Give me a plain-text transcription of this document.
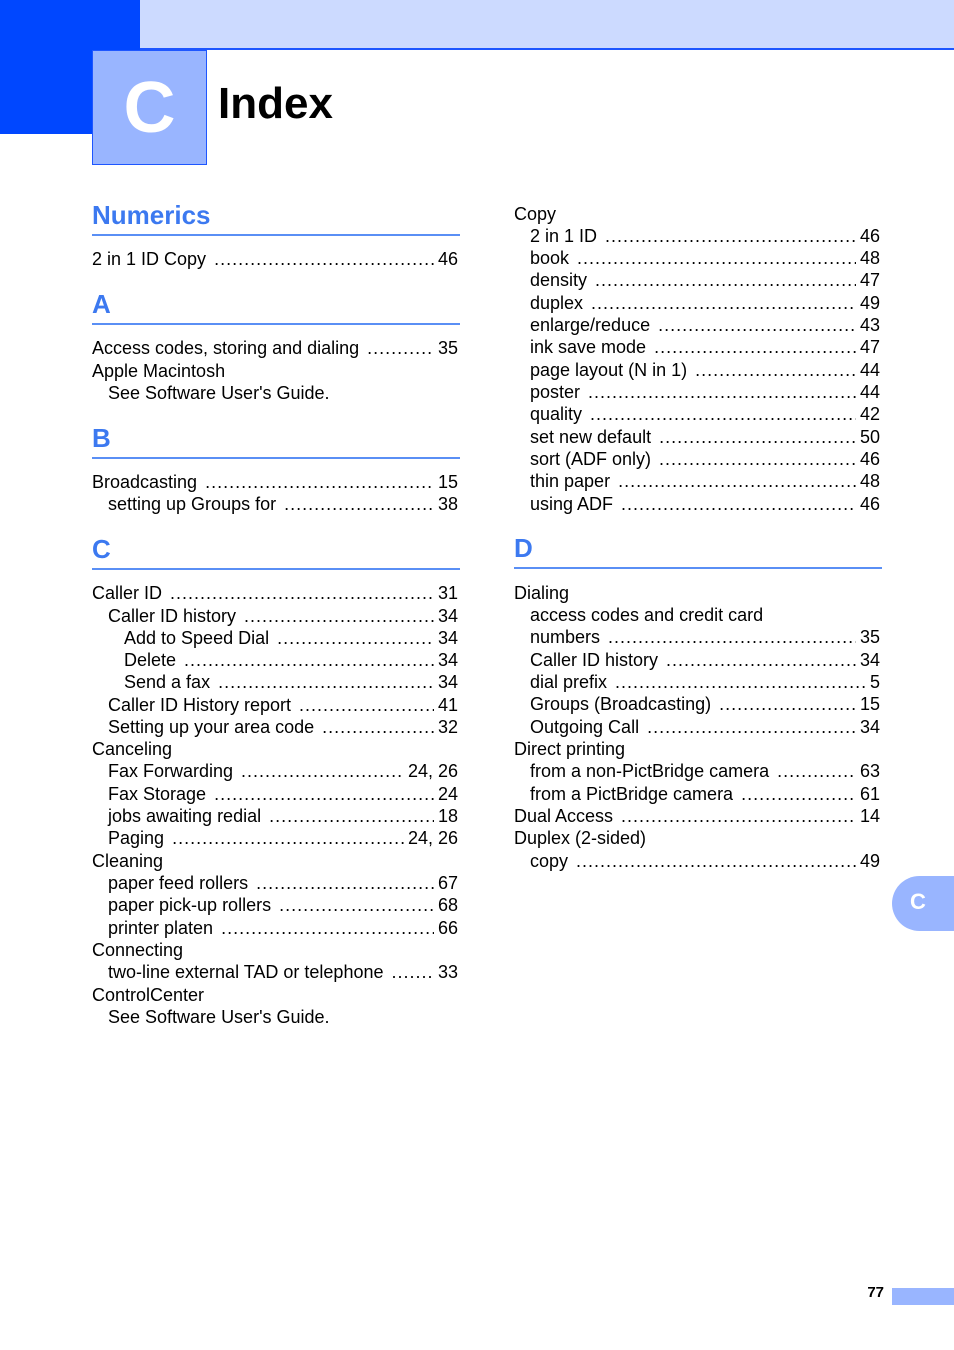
C Index
Numerics
2 in 1 ID Copy .....	46
A
Access codes, storing and dialing .....	35
Apple Macintosh
See Software User's Guide.
B
Broadcasting .....	15
setting up Groups for .....	38
C
Caller ID .....	31
Caller ID history .....	34
Add to Speed Dial .....	34
Delete .....	34
Send a fax .....	34
Caller ID History report .....	41
Setting up your area code .....	32
Canceling
Fax Forwarding .....	24, 26
Fax Storage .....	24
jobs awaiting redial .....	18
Paging .....	24, 26
Cleaning
paper feed rollers .....	67
paper pick-up rollers .....	68
printer platen .....	66
Connecting
two-line external TAD or telephone .....	33
ControlCenter
See Software User's Guide.
Copy
2 in 1 ID .....	46
book .....	48
density .....	47
duplex .....	49
enlarge/reduce .....	43
ink save mode .....	47
page layout (N in 1) .....	44
poster .....	44
quality .....	42
set new default .....	50
sort (ADF only) .....	46
thin paper .....	48
using ADF .....	46
D
Dialing
access codes and credit card
numbers .....	35
Caller ID history .....	34
dial prefix .....	5
Groups (Broadcasting) .....	15
Outgoing Call .....	34
Direct printing
from a non-PictBridge camera .....	63
from a PictBridge camera .....	61
Dual Access .....	14
Duplex (2-sided)
copy .....	49
C
77
